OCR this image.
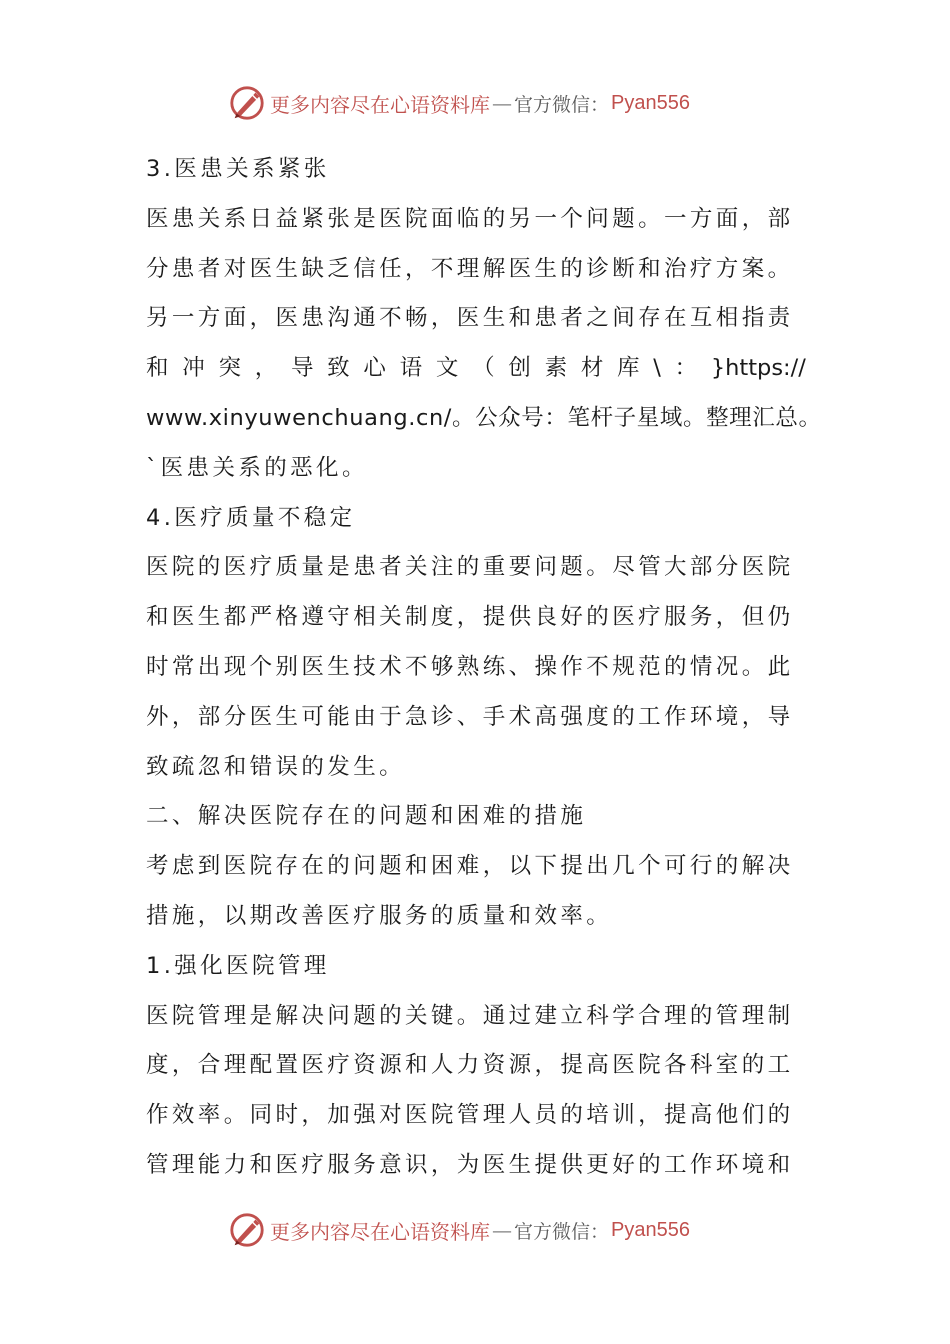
更多内容尽在心语资料库 — 官方微信： Pyan556
3.医患关系紧张
医患关系日益紧张是医院面临的另一个问题。一方面，部
分患者对医生缺乏信任，不理解医生的诊断和治疗方案。
另一方面，医患沟通不畅，医生和患者之间存在互相指责
和 冲 突 ， 导 致 心 语 文 （ 创 素 材 库 \ ： }https://
www.xinyuwenchuang.cn/。公众号：笔杆子星域。整理汇总。
`医患关系的恶化。
4.医疗质量不稳定
医院的医疗质量是患者关注的重要问题。尽管大部分医院
和医生都严格遵守相关制度，提供良好的医疗服务，但仍
时常出现个别医生技术不够熟练、操作不规范的情况。此
外，部分医生可能由于急诊、手术高强度的工作环境，导
致疏忽和错误的发生。
二、解决医院存在的问题和困难的措施
考虑到医院存在的问题和困难，以下提出几个可行的解决
措施，以期改善医疗服务的质量和效率。
1.强化医院管理
医院管理是解决问题的关键。通过建立科学合理的管理制
度，合理配置医疗资源和人力资源，提高医院各科室的工
作效率。同时，加强对医院管理人员的培训，提高他们的
管理能力和医疗服务意识，为医生提供更好的工作环境和
更多内容尽在心语资料库 — 官方微信： Pyan556
